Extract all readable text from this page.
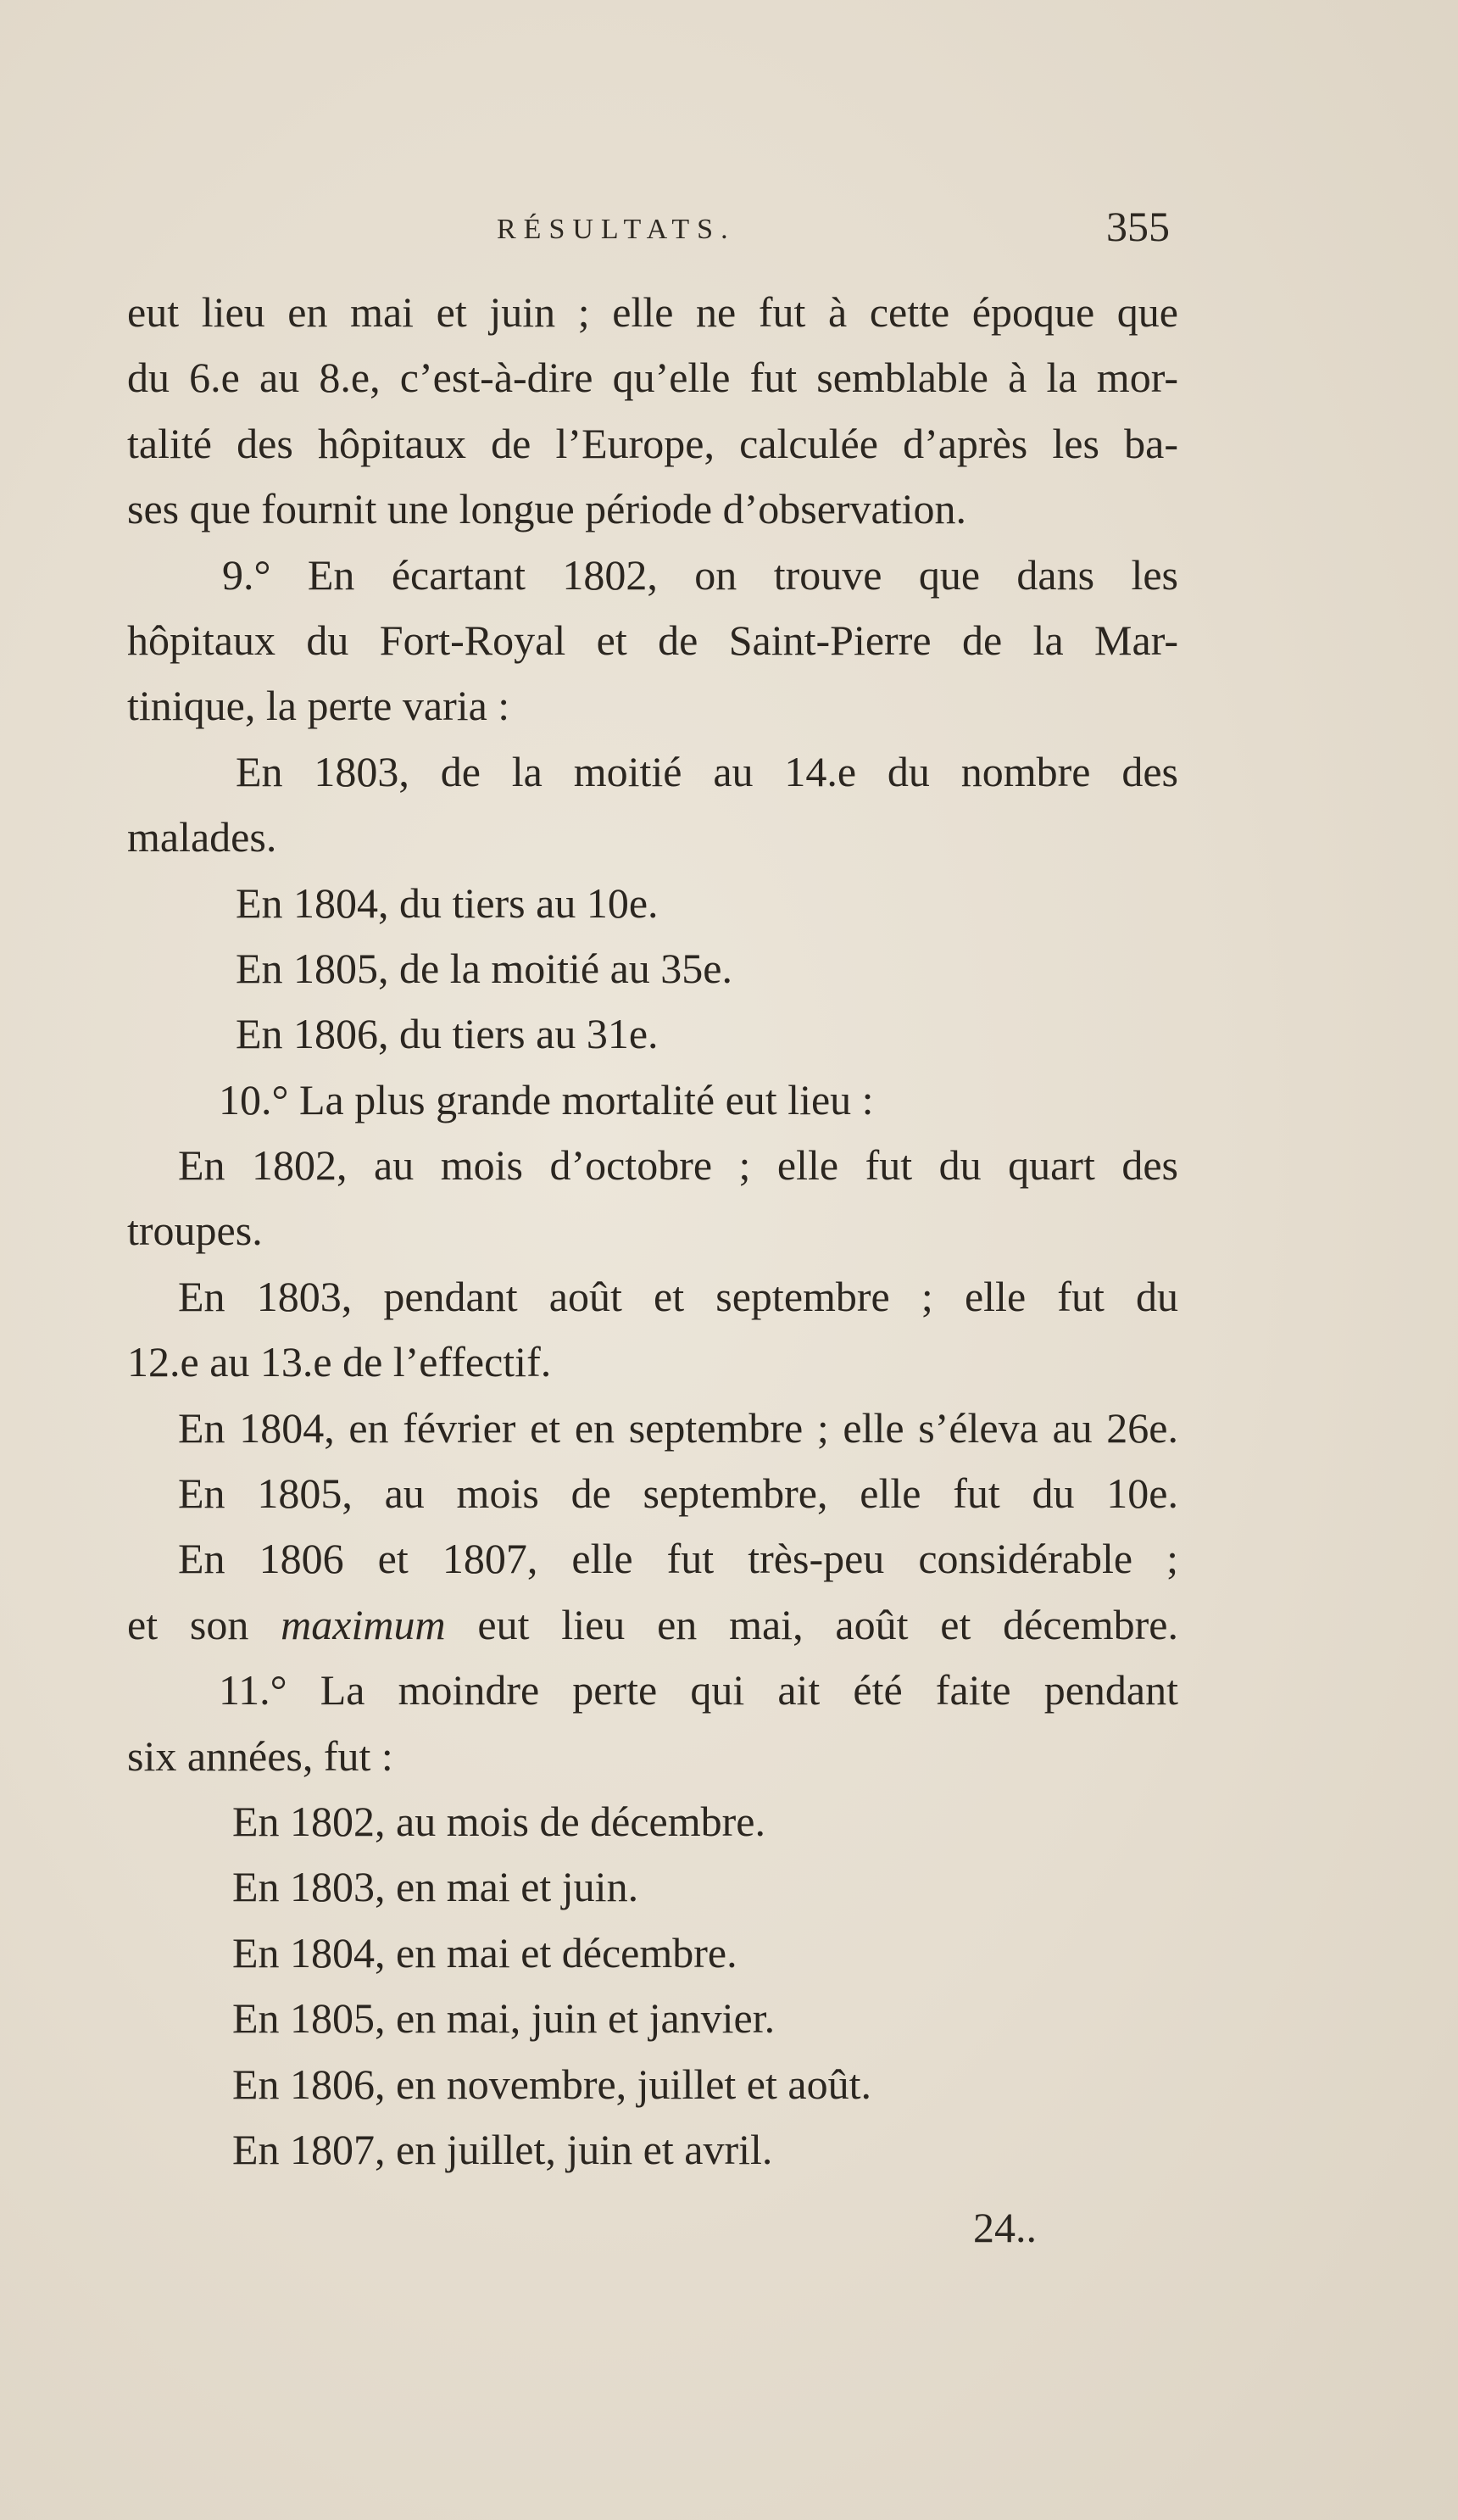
RÉSULTATS.	355
eut lieu en mai et juin ; elle ne fut à cette époque que
du 6.e au 8.e, c’est-à-dire qu’elle fut semblable à la mor-
talité des hôpitaux de l’Europe, calculée d’après les ba-
ses que fournit une longue période d’observation.
9.° En écartant 1802, on trouve que dans les
hôpitaux du Fort-Royal et de Saint-Pierre de la Mar-
tinique, la perte varia :
En 1803, de la moitié au 14.e du nombre des
malades.
En 1804, du tiers au 10e.
En 1805, de la moitié au 35e.
En 1806, du tiers au 31e.
10.° La plus grande mortalité eut lieu :
En 1802, au mois d’octobre ; elle fut du quart des
troupes.
En 1803, pendant août et septembre ; elle fut du
12.e au 13.e de l’effectif.
En 1804, en février et en septembre ; elle s’éleva au 26e.
En 1805, au mois de septembre, elle fut du 10e.
En 1806 et 1807, elle fut très-peu considérable ;
et son maximum eut lieu en mai, août et décembre.
11.° La moindre perte qui ait été faite pendant
six années, fut :
En 1802, au mois de décembre.
En 1803, en mai et juin.
En 1804, en mai et décembre.
En 1805, en mai, juin et janvier.
En 1806, en novembre, juillet et août.
En 1807, en juillet, juin et avril.
24..
